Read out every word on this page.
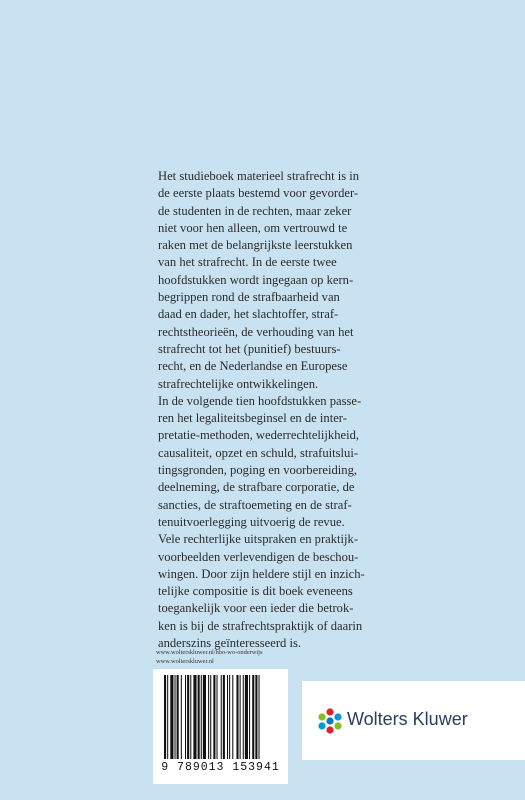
Het studieboek materieel strafrecht is in

de eerste plaats bestemd voor gevorder-

de studenten in de rechten, maar zeker

niet voor hen alleen, om vertrouwd te

raken met de belangrijkste leerstukken

van het strafrecht. In de eerste twee

hoofdstukken wordt ingegaan op kern-

begrippen rond de strafbaarheid van

daad en dader, het slachtoffer, straf-

rechtstheorieën, de verhouding van het

strafrecht tot het (punitief) bestuurs-

recht, en de Nederlandse en Europese

strafrechtelijke ontwikkelingen.

In de volgende tien hoofdstukken passe-

ren het legaliteitsbeginsel en de inter-

pretatie-methoden, wederrechtelijkheid,

causaliteit, opzet en schuld, strafuitslui-

tingsgronden, poging en voorbereiding,

deelneming, de strafbare corporatie, de

sancties, de straftoemeting en de straf-

tenuitvoerlegging uitvoerig de revue.

Vele rechterlijke uitspraken en praktijk-

voorbeelden verlevendigen de beschou-

wingen. Door zijn heldere stijl en inzich-

telijke compositie is dit boek eveneens

toegankelijk voor een ieder die betrok-

ken is bij de strafrechtspraktijk of daarin

anderszins geïnteresseerd is.

www.wolterskluwer.nl/hbo-wo-onderwijs
www.wolterskluwer.nl
9 789013 153941
Wolters Kluwer
